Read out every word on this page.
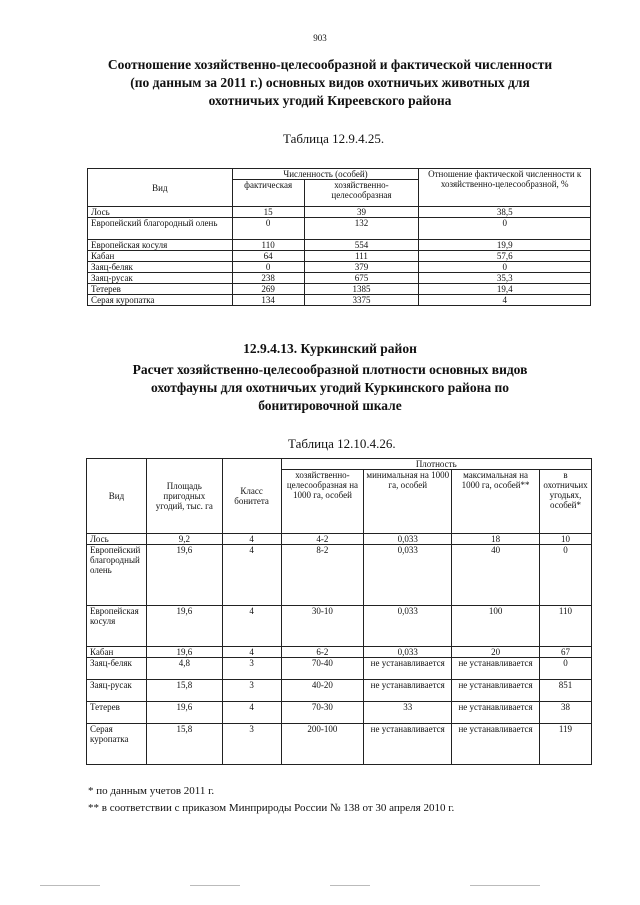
903
Соотношение хозяйственно-целесообразной и фактической численности
(по данным за 2011 г.) основных видов охотничьих животных для
охотничьих угодий Киреевского района
Таблица 12.9.4.25.
Вид	Численность (особей)		Отношение фактической численности к хозяйственно-целесообразной, %
	фактическая	хозяйственно-целесообразная	
Лось	15	39	38,5
Европейский благородный олень	0	132	0
Европейская косуля	110	554	19,9
Кабан	64	111	57,6
Заяц-беляк	0	379	0
Заяц-русак	238	675	35,3
Тетерев	269	1385	19,4
Серая куропатка	134	3375	4
12.9.4.13. Куркинский район
Расчет хозяйственно-целесообразной плотности основных видов
охотфауны для охотничьих угодий Куркинского района по
бонитировочной шкале
Таблица 12.10.4.26.
Вид	Площадь пригодных угодий, тыс. га	Класс бонитета	Плотность			
			хозяйственно-целесообразная на 1000 га, особей	минимальная на 1000 га, особей	максимальная на 1000 га, особей**	в охотничьих угодьях, особей*
Лось	9,2	4	4-2	0,033	18	10
Европейский благородный олень	19,6	4	8-2	0,033	40	0
Европейская косуля	19,6	4	30-10	0,033	100	110
Кабан	19,6	4	6-2	0,033	20	67
Заяц-беляк	4,8	3	70-40	не устанавливается	не устанавливается	0
Заяц-русак	15,8	3	40-20	не устанавливается	не устанавливается	851
Тетерев	19,6	4	70-30	33	не устанавливается	38
Серая куропатка	15,8	3	200-100	не устанавливается	не устанавливается	119
* по данным учетов 2011 г.
** в соответствии с приказом Минприроды России № 138 от 30 апреля 2010 г.
